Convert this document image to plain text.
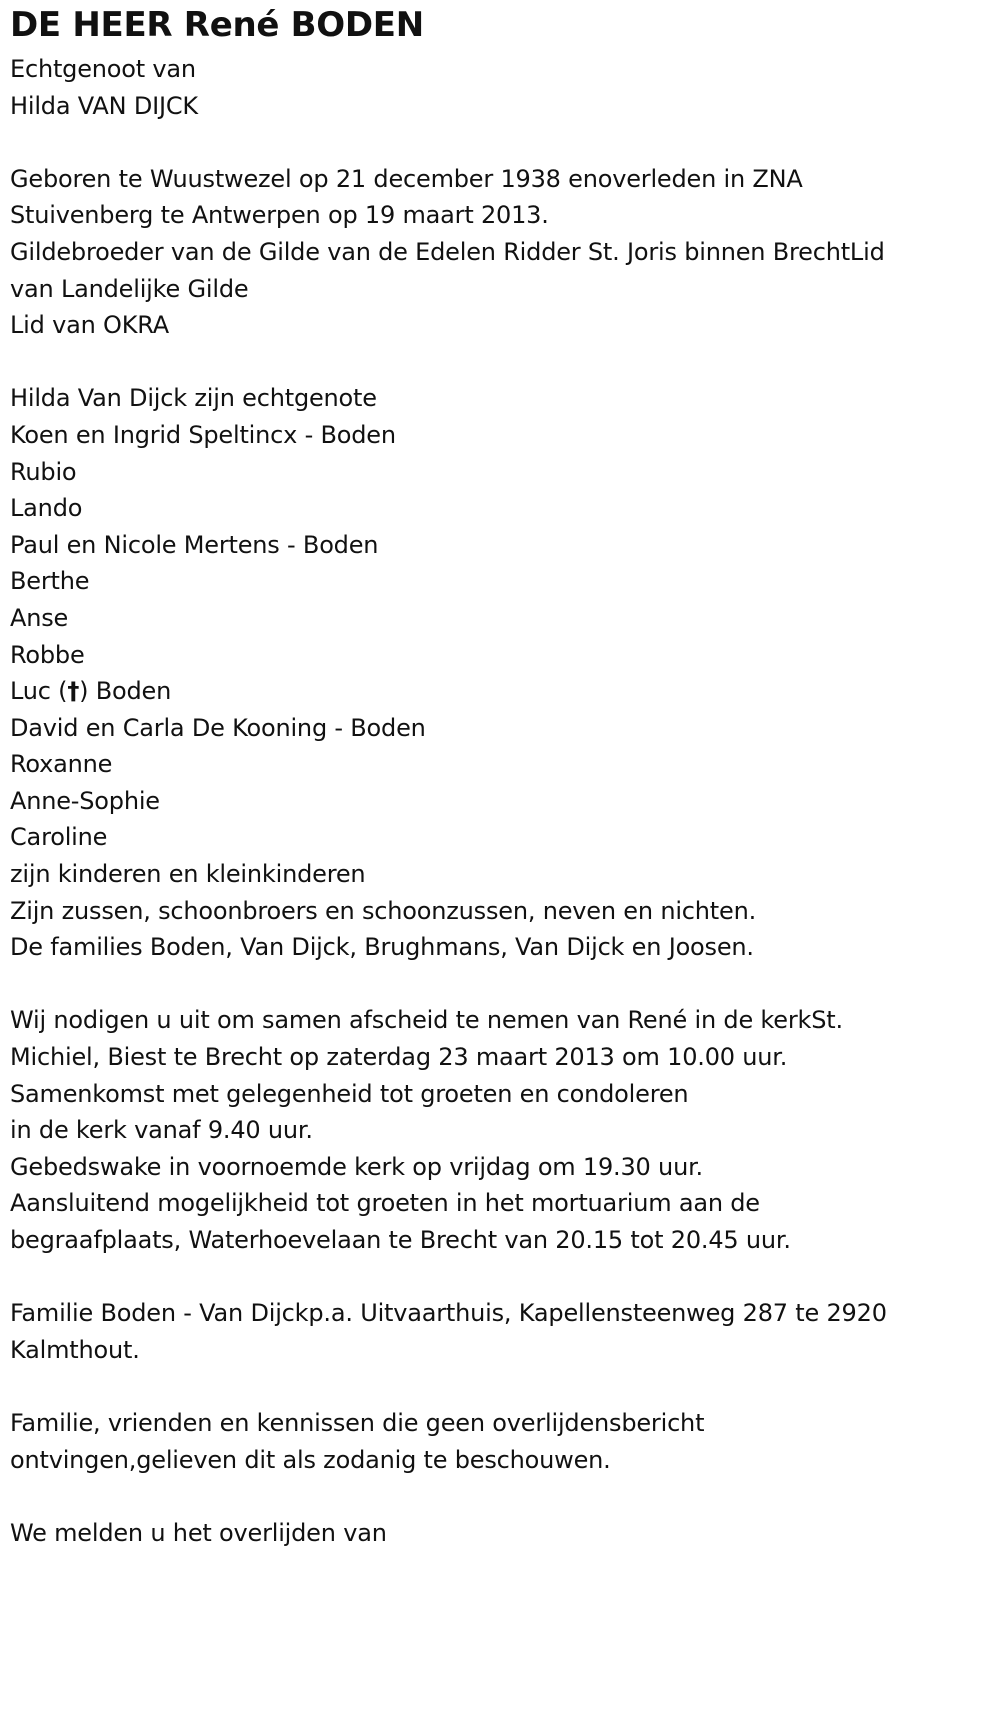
DE HEER René BODEN
Echtgenoot van
Hilda VAN DIJCK
Geboren te Wuustwezel op 21 december 1938 enoverleden in ZNA
Stuivenberg te Antwerpen op 19 maart 2013.
Gildebroeder van de Gilde van de Edelen Ridder St. Joris binnen BrechtLid
van Landelijke Gilde
Lid van OKRA
Hilda Van Dijck zijn echtgenote
Koen en Ingrid Speltincx - Boden
Rubio
Lando
Paul en Nicole Mertens - Boden
Berthe
Anse
Robbe
Luc (†) Boden
David en Carla De Kooning - Boden
Roxanne
Anne-Sophie
Caroline
zijn kinderen en kleinkinderen
Zijn zussen, schoonbroers en schoonzussen, neven en nichten.
De families Boden, Van Dijck, Brughmans, Van Dijck en Joosen.
Wij nodigen u uit om samen afscheid te nemen van René in de kerkSt.
Michiel, Biest te Brecht op zaterdag 23 maart 2013 om 10.00 uur.
Samenkomst met gelegenheid tot groeten en condoleren
in de kerk vanaf 9.40 uur.
Gebedswake in voornoemde kerk op vrijdag om 19.30 uur.
Aansluitend mogelijkheid tot groeten in het mortuarium aan de
begraafplaats, Waterhoevelaan te Brecht van 20.15 tot 20.45 uur.
Familie Boden - Van Dijckp.a. Uitvaarthuis, Kapellensteenweg 287 te 2920
Kalmthout.
Familie, vrienden en kennissen die geen overlijdensbericht
ontvingen,gelieven dit als zodanig te beschouwen.
We melden u het overlijden van
